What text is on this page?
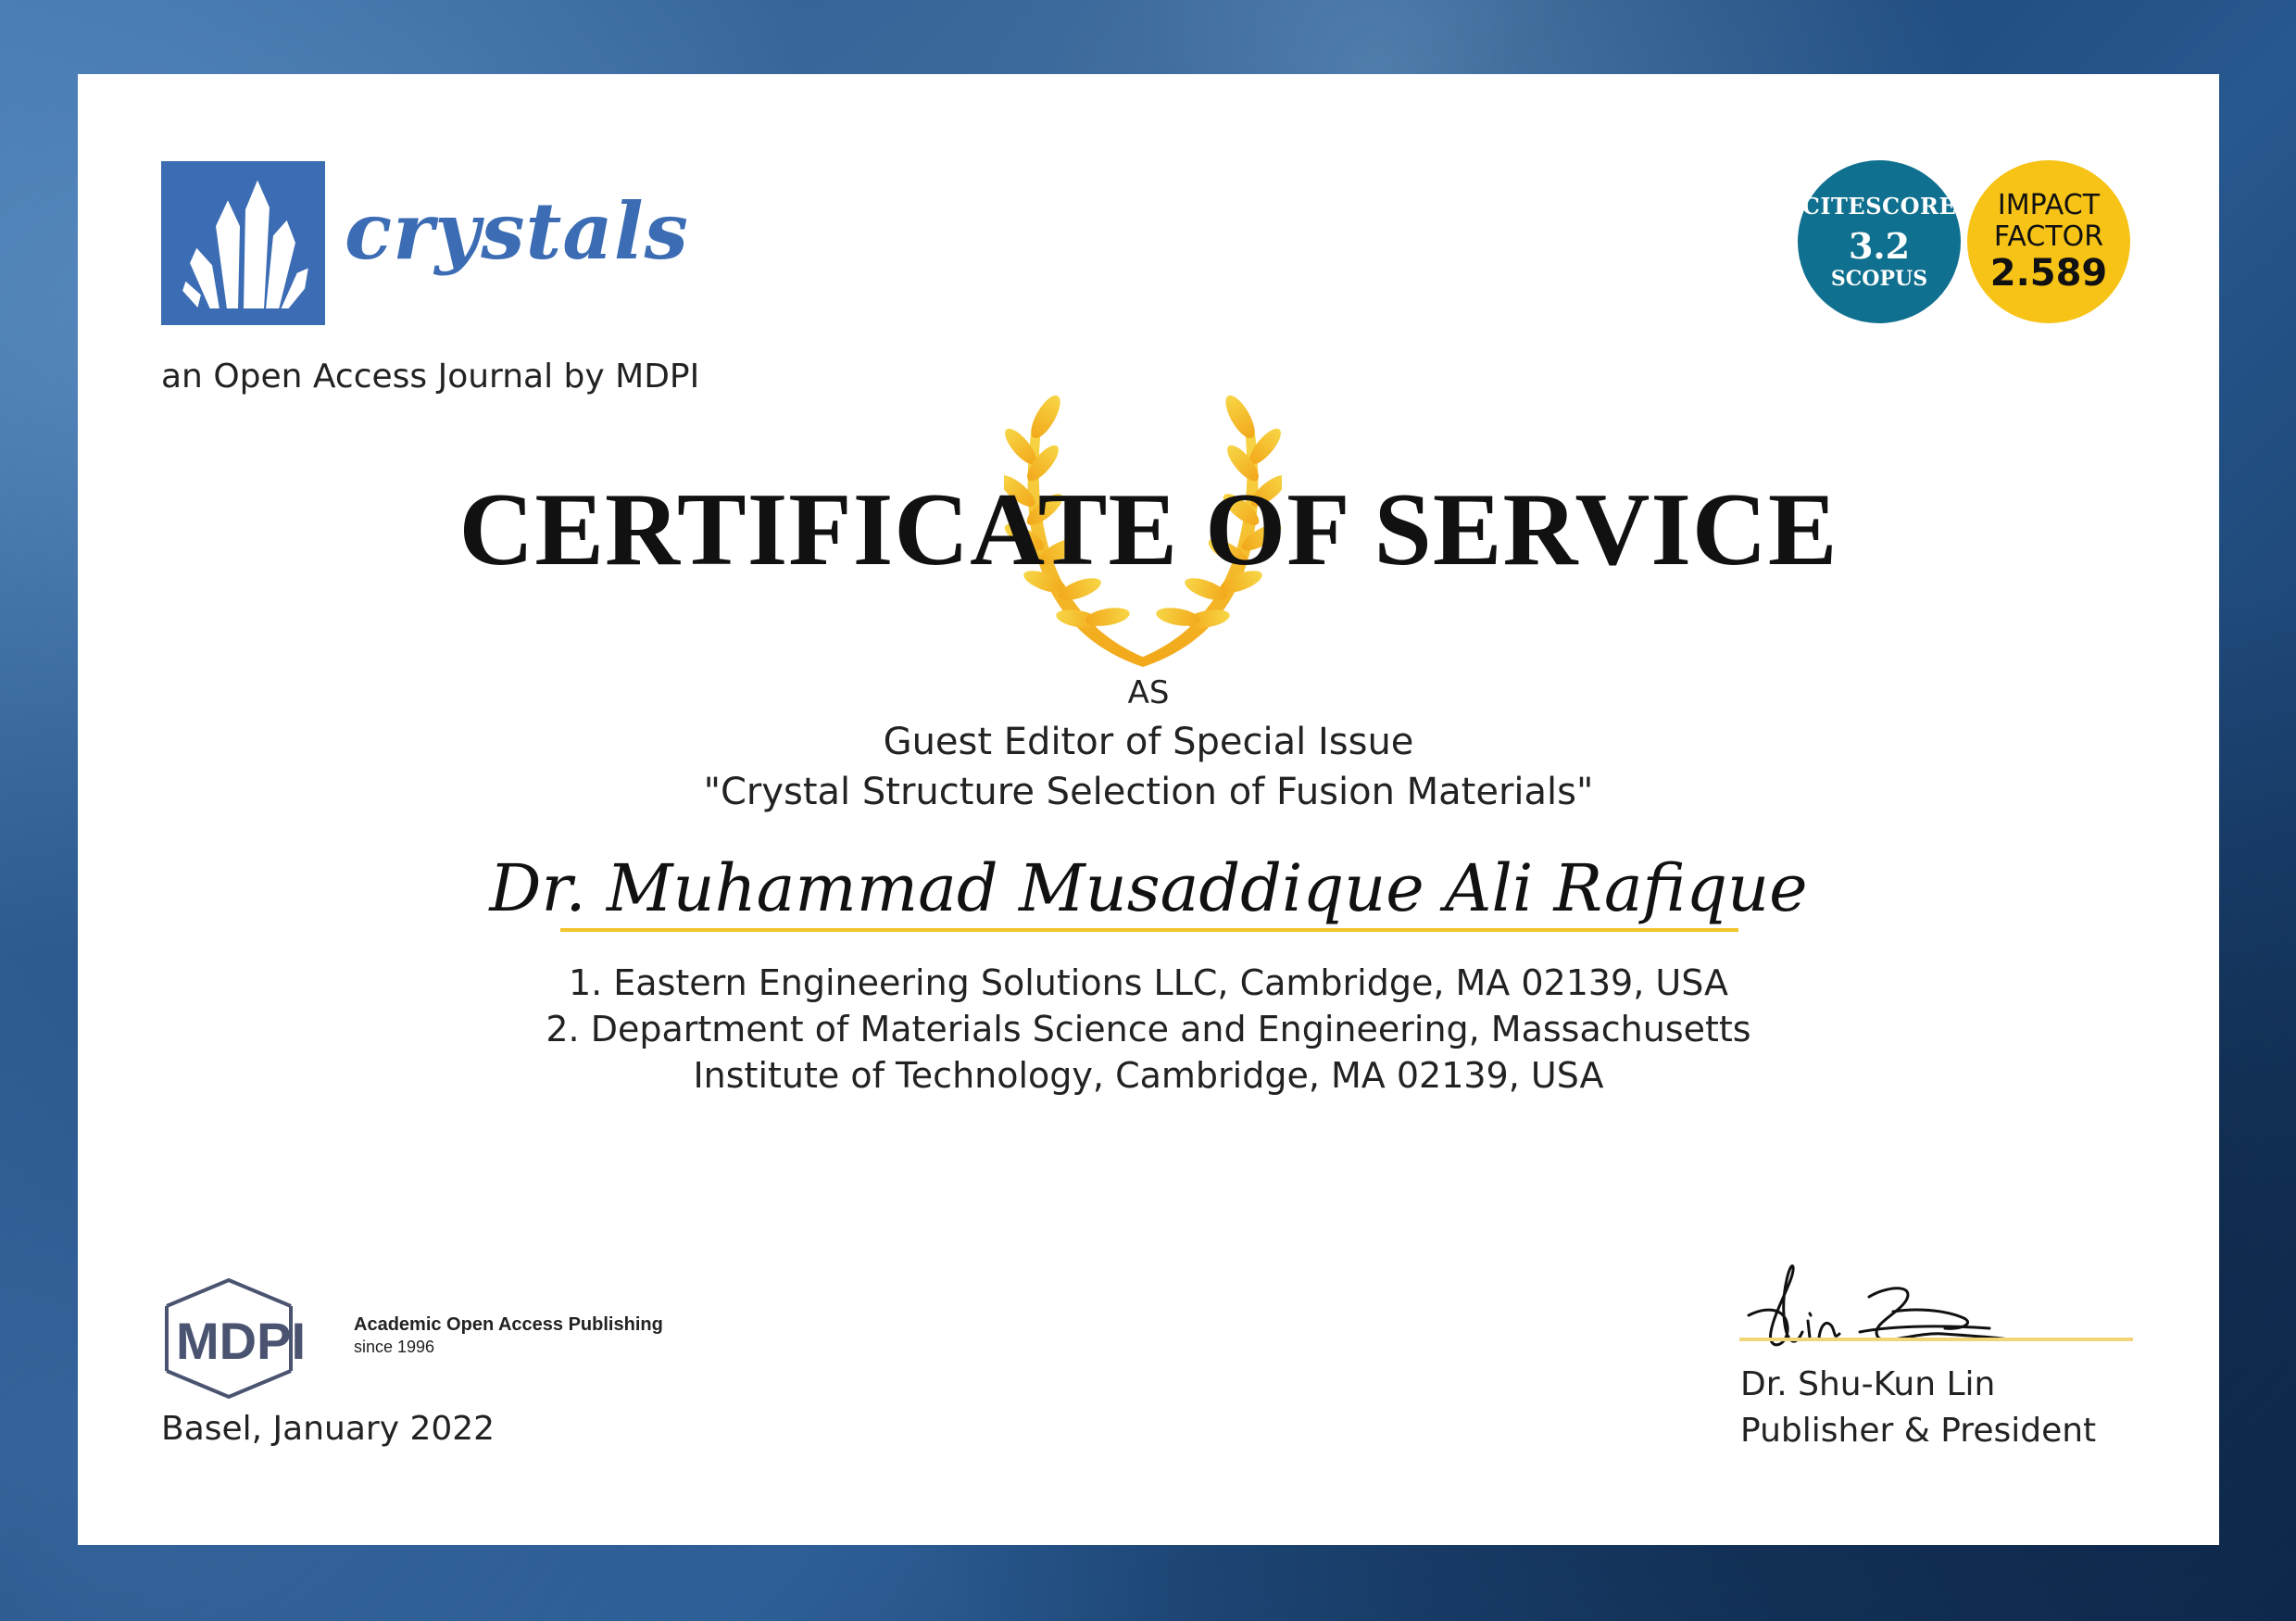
crystals
an Open Access Journal by MDPI
CITESCORE
3.2 SCOPUS
IMPACT
FACTOR
2.589
CERTIFICATE OF SERVICE
AS
Guest Editor of Special Issue
"Crystal Structure Selection of Fusion Materials"
Dr. Muhammad Musaddique Ali Rafique
1. Eastern Engineering Solutions LLC, Cambridge, MA 02139, USA
2. Department of Materials Science and Engineering, Massachusetts
Institute of Technology, Cambridge, MA 02139, USA
MDPI	Academic Open Access Publishing
since 1996
Basel, January 2022
Dr. Shu-Kun Lin
Publisher & President
